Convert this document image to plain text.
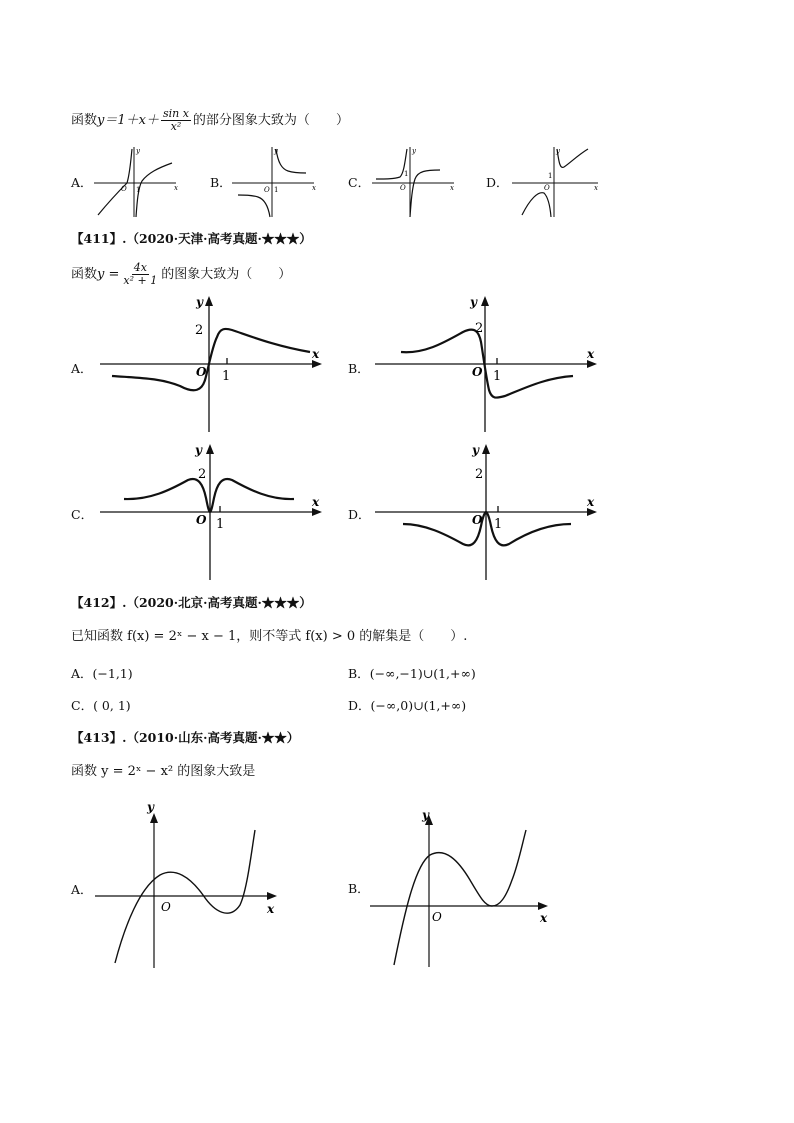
函数$y=1+x+ \frac{\text{sin x}}{\text{x²}}$ 的部分图象大致为（ ）
A．	B．	C．	D．
y
x
O 1
y
x
O 1
y
x
O
1
y
x
O
1
【411】.（2020·天津·高考真题·★★★）
函数$y = \frac{4x}{\text{x² + 1}}$ 的图象大致为（ ）
A．	B．
C．	D．
y
x
O 1
2
y
x
O 1
2
y
x
O 1
2
y
x
O 1
2
【412】.（2020·北京·高考真题·★★★）
已知函数 f(x) = 2ˣ − x − 1，则不等式 f(x) > 0 的解集是（　　）.
A．(−1,1)	B．(−∞,−1)∪(1,+∞)
C．( 0, 1)	D．(−∞,0)∪(1,+∞)
【413】.（2010·山东·高考真题·★★）
函数 y = 2ˣ − x² 的图象大致是
A．	B．
y
x
O
y
x
O
